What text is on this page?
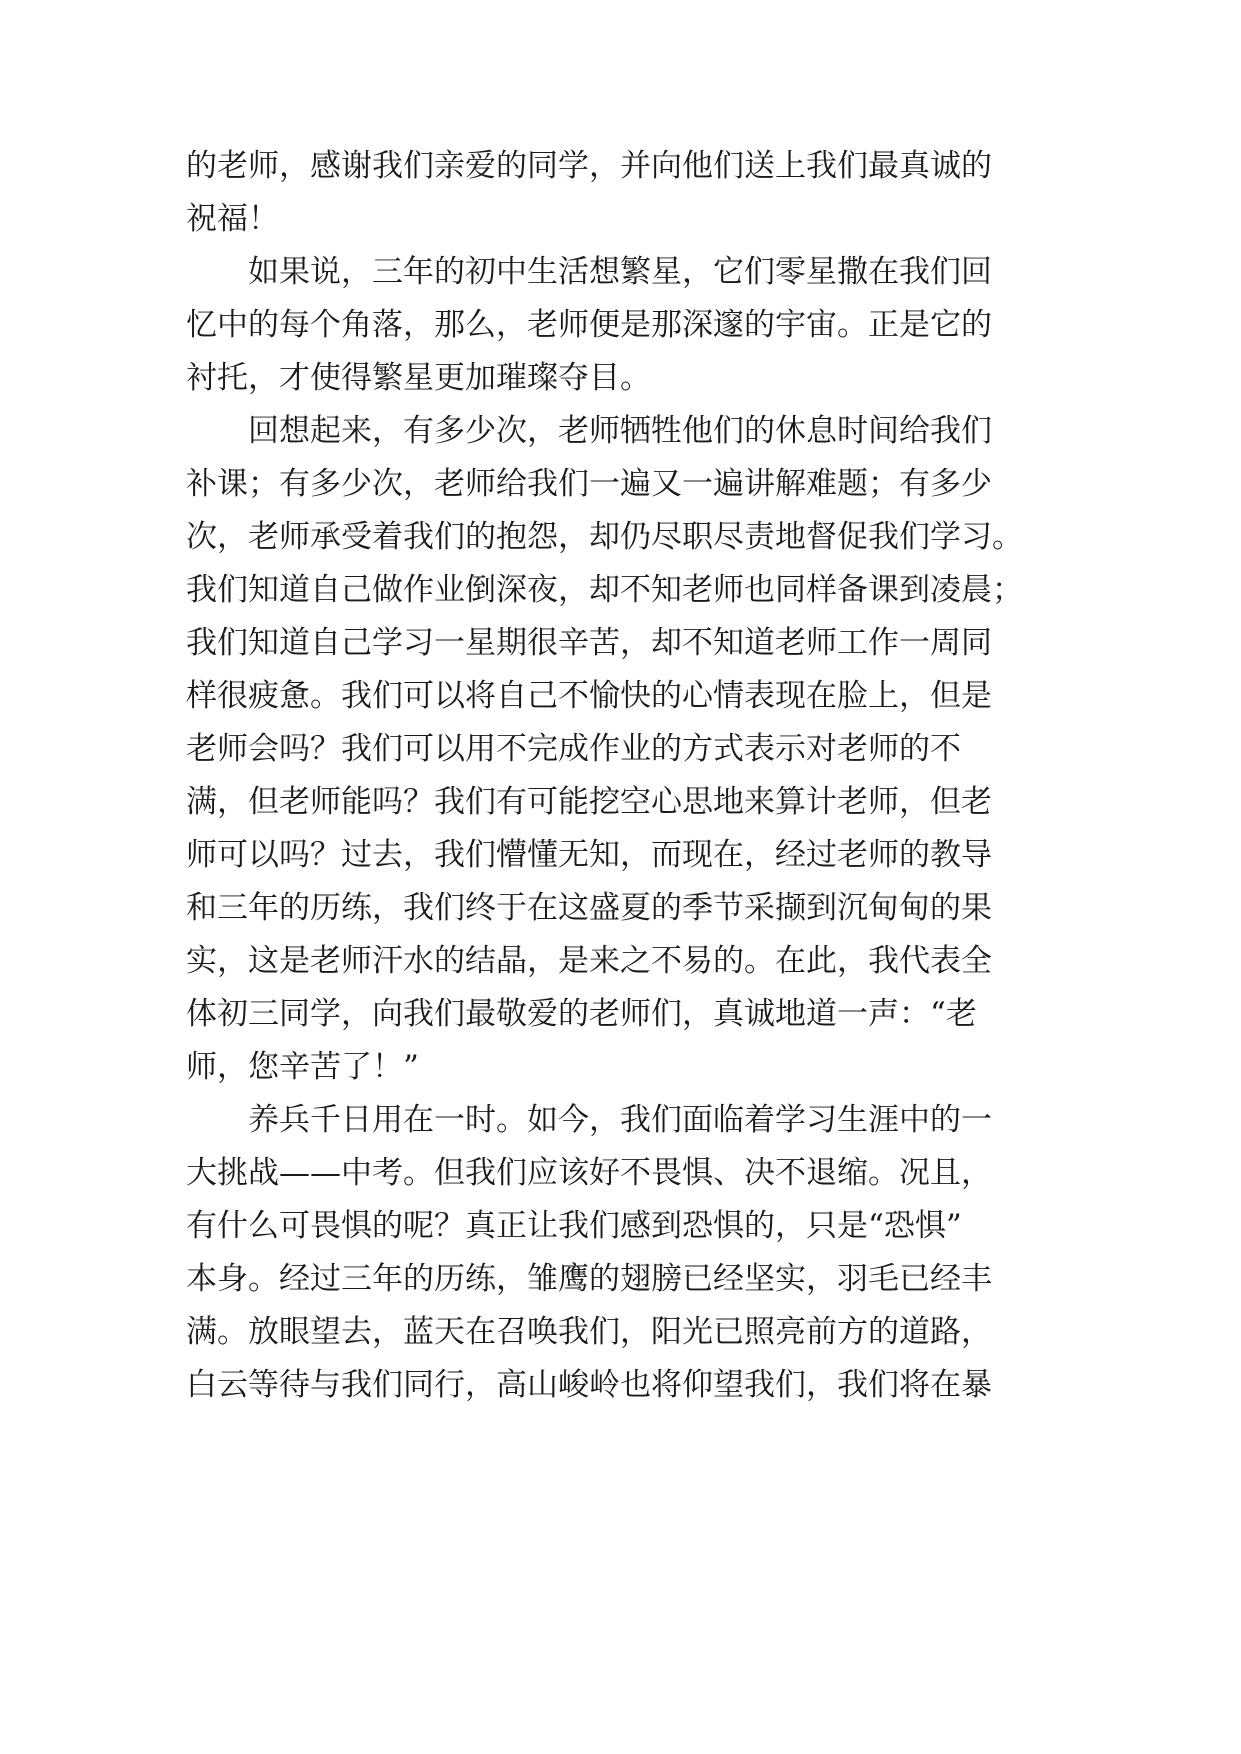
的老师，感谢我们亲爱的同学，并向他们送上我们最真诚的
祝福！
如果说，三年的初中生活想繁星，它们零星撒在我们回
忆中的每个角落，那么，老师便是那深邃的宇宙。正是它的
衬托，才使得繁星更加璀璨夺目。
回想起来，有多少次，老师牺牲他们的休息时间给我们
补课；有多少次，老师给我们一遍又一遍讲解难题；有多少
次，老师承受着我们的抱怨，却仍尽职尽责地督促我们学习。
我们知道自己做作业倒深夜，却不知老师也同样备课到凌晨；
我们知道自己学习一星期很辛苦，却不知道老师工作一周同
样很疲惫。我们可以将自己不愉快的心情表现在脸上，但是
老师会吗？我们可以用不完成作业的方式表示对老师的不
满，但老师能吗？我们有可能挖空心思地来算计老师，但老
师可以吗？过去，我们懵懂无知，而现在，经过老师的教导
和三年的历练，我们终于在这盛夏的季节采撷到沉甸甸的果
实，这是老师汗水的结晶，是来之不易的。在此，我代表全
体初三同学，向我们最敬爱的老师们，真诚地道一声：“老
师，您辛苦了！”
养兵千日用在一时。如今，我们面临着学习生涯中的一
大挑战——中考。但我们应该好不畏惧、决不退缩。况且，
有什么可畏惧的呢？真正让我们感到恐惧的，只是“恐惧”
本身。经过三年的历练，雏鹰的翅膀已经坚实，羽毛已经丰
满。放眼望去，蓝天在召唤我们，阳光已照亮前方的道路，
白云等待与我们同行，高山峻岭也将仰望我们，我们将在暴
